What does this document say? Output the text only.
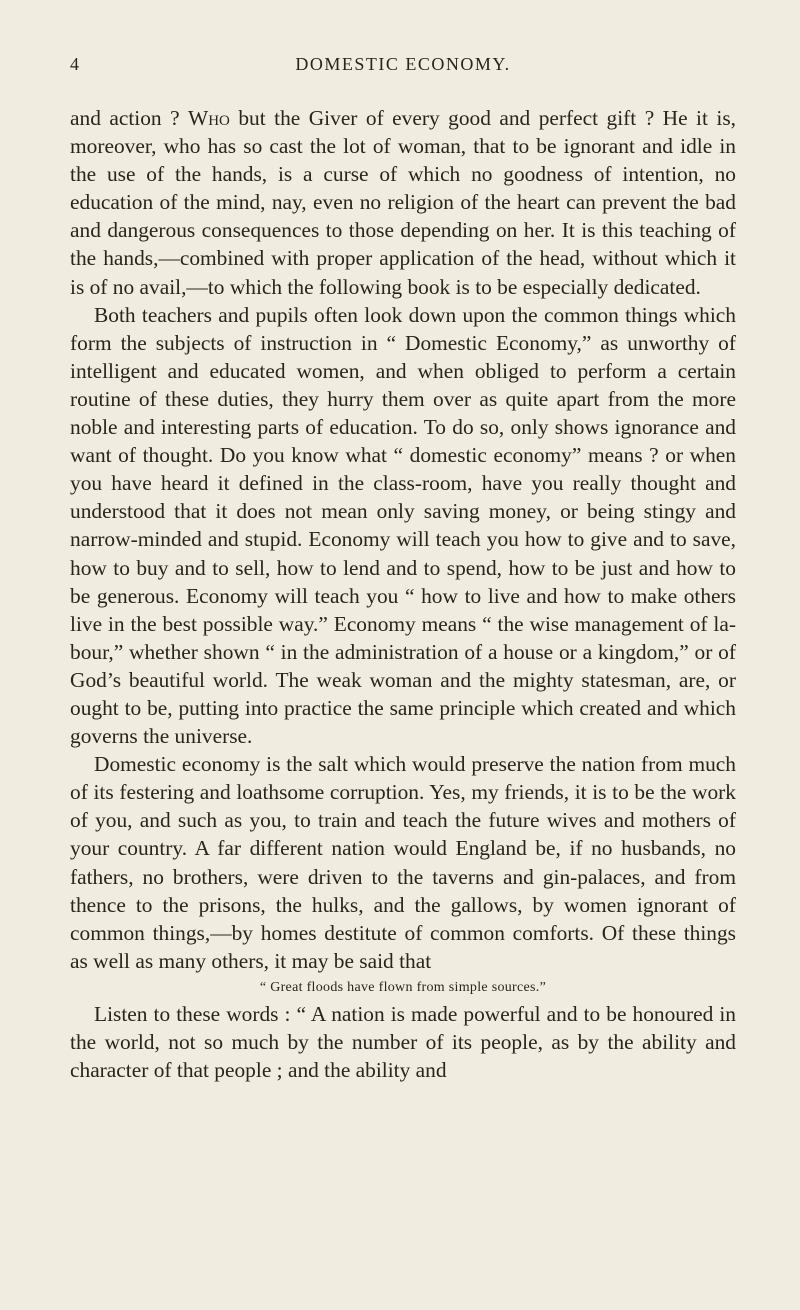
4	DOMESTIC ECONOMY.

and action ? Who but the Giver of every good and perfect gift ? He it is, moreover, who has so cast the lot of woman, that to be ignorant and idle in the use of the hands, is a curse of which no goodness of intention, no education of the mind, nay, even no religion of the heart can prevent the bad and dangerous consequences to those depending on her. It is this teaching of the hands,—combined with proper application of the head, without which it is of no avail,—to which the following book is to be especially dedicated.

Both teachers and pupils often look down upon the common things which form the subjects of instruction in “ Domestic Economy,” as unworthy of intelligent and educated women, and when obliged to perform a certain routine of these duties, they hurry them over as quite apart from the more noble and interesting parts of education. To do so, only shows ignorance and want of thought. Do you know what “ domestic economy” means ? or when you have heard it defined in the class-room, have you really thought and understood that it does not mean only saving money, or being stingy and narrow-minded and stupid. Economy will teach you how to give and to save, how to buy and to sell, how to lend and to spend, how to be just and how to be generous. Economy will teach you “ how to live and how to make others live in the best possible way.” Economy means “ the wise management of labour,” whether shown “ in the administration of a house or a kingdom,” or of God’s beautiful world. The weak woman and the mighty statesman, are, or ought to be, putting into practice the same principle which created and which governs the universe.

Domestic economy is the salt which would preserve the nation from much of its festering and loathsome corruption. Yes, my friends, it is to be the work of you, and such as you, to train and teach the future wives and mothers of your country. A far different nation would England be, if no husbands, no fathers, no brothers, were driven to the taverns and gin-palaces, and from thence to the prisons, the hulks, and the gallows, by women ignorant of common things,—by homes destitute of common comforts. Of these things as well as many others, it may be said that

“ Great floods have flown from simple sources.”

Listen to these words : “ A nation is made powerful and to be honoured in the world, not so much by the number of its people, as by the ability and character of that people ; and the ability and
